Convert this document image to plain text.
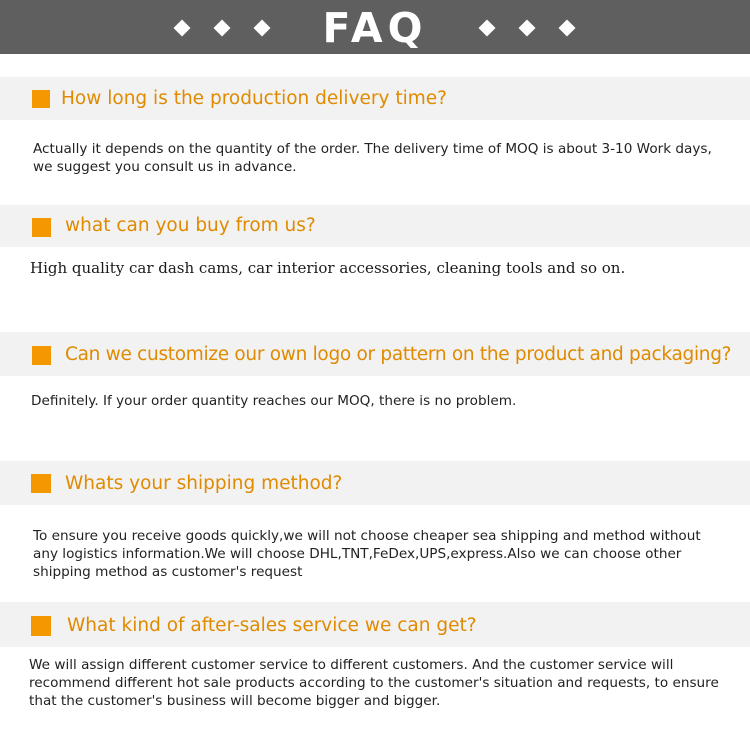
FAQ
How long is the production delivery time?
Actually it depends on the quantity of the order. The delivery time of MOQ is about 3-10 Work days, we suggest you consult us in advance.
what can you buy from us?
High quality car dash cams, car interior accessories, cleaning tools and so on.
Can we customize our own logo or pattern on the product and packaging?
Definitely. If your order quantity reaches our MOQ, there is no problem.
Whats your shipping method?
To ensure you receive goods quickly,we will not choose cheaper sea shipping and method without any logistics information.We will choose DHL,TNT,FeDex,UPS,express.Also we can choose other shipping method as customer's request
What kind of after-sales service we can get?
We will assign different customer service to different customers. And the customer service will recommend different hot sale products according to the customer's situation and requests, to ensure that the customer's business will become bigger and bigger.
